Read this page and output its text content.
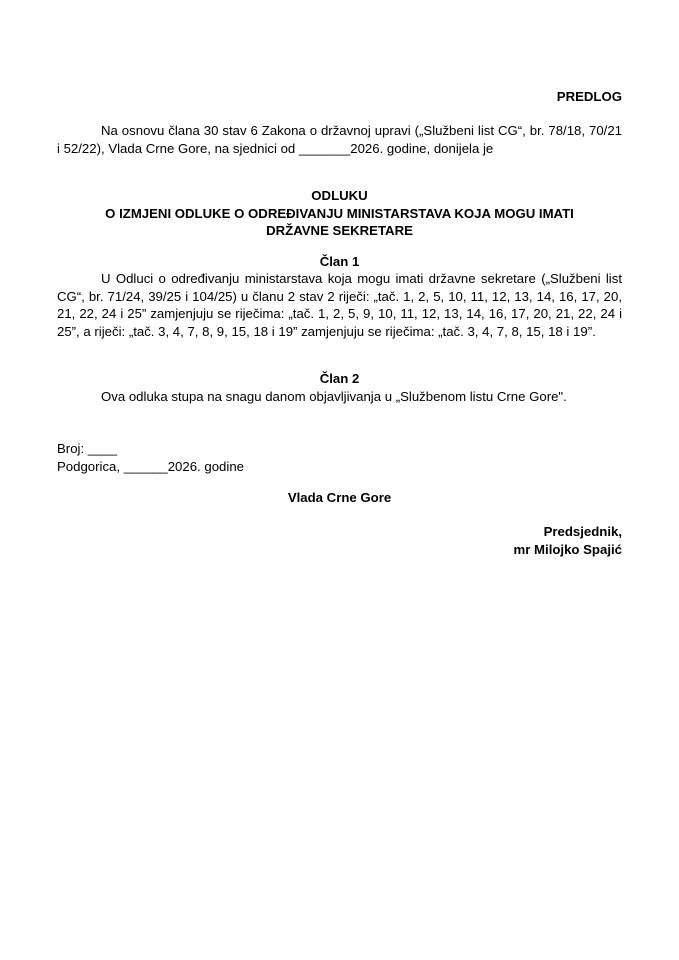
PREDLOG
Na osnovu člana 30 stav 6 Zakona o državnoj upravi („Službeni list CG“, br. 78/18, 70/21 i 52/22), Vlada Crne Gore, na sjednici od _______2026. godine, donijela je
ODLUKU
O IZMJENI ODLUKE O ODREĐIVANJU MINISTARSTAVA KOJA MOGU IMATI
DRŽAVNE SEKRETARE
Član 1
U Odluci o određivanju ministarstava koja mogu imati državne sekretare („Službeni list CG“, br. 71/24, 39/25 i 104/25) u članu 2 stav 2 riječi: „tač. 1, 2, 5, 10, 11, 12, 13, 14, 16, 17, 20, 21, 22, 24 i 25” zamjenjuju se riječima: „tač. 1, 2, 5, 9, 10, 11, 12, 13, 14, 16, 17, 20, 21, 22, 24 i 25”, a riječi: „tač. 3, 4, 7, 8, 9, 15, 18 i 19” zamjenjuju se riječima: „tač. 3, 4, 7, 8, 15, 18 i 19”.
Član 2
Ova odluka stupa na snagu danom objavljivanja u „Službenom listu Crne Gore".
Broj: ____
Podgorica, ______2026. godine
Vlada Crne Gore
Predsjednik,
mr Milojko Spajić
